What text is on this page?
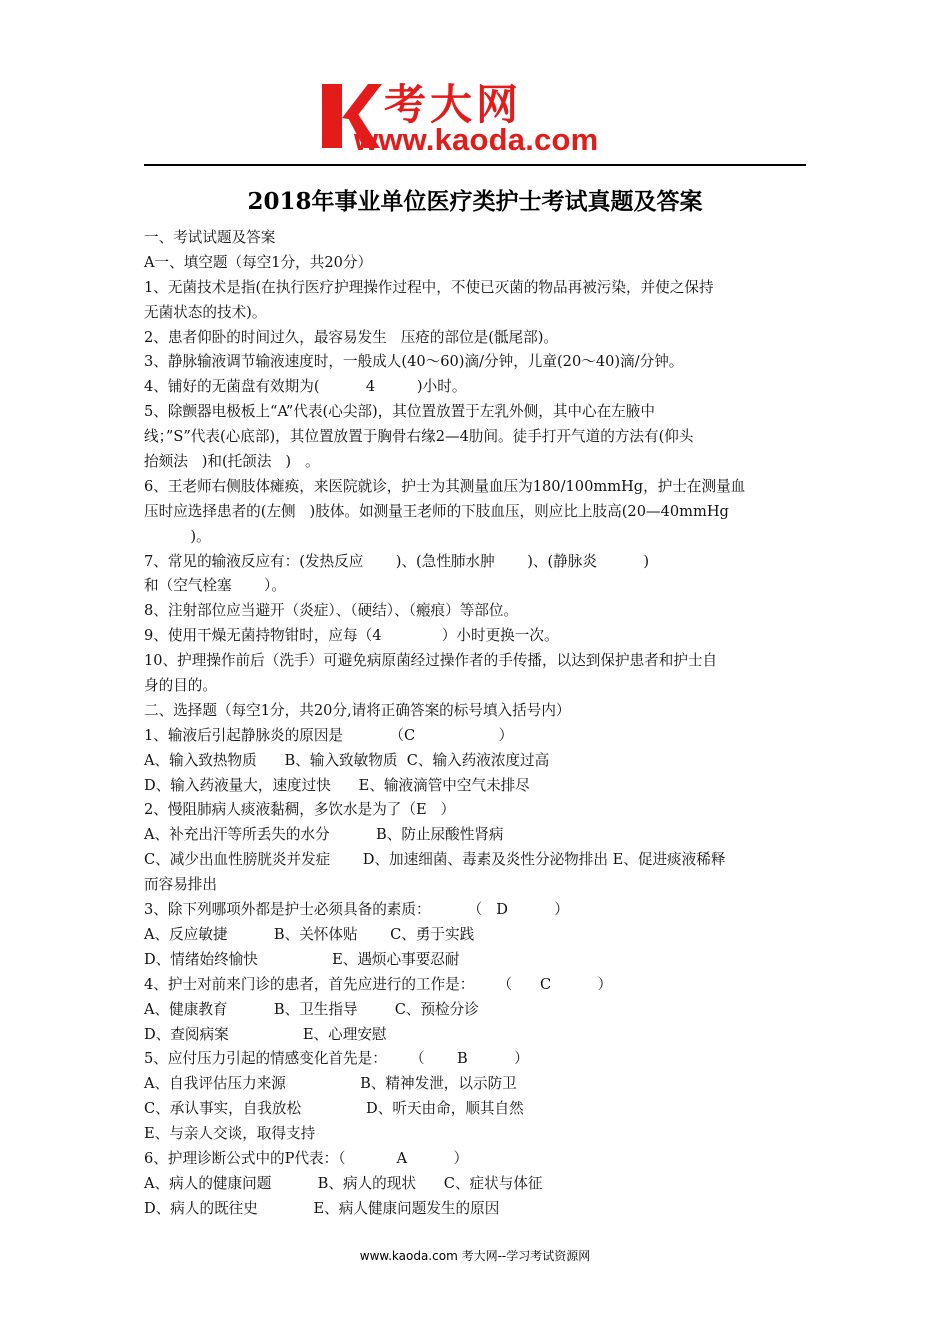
考大网
www.kaoda.com
2018年事业单位医疗类护士考试真题及答案
一、考试试题及答案
A一、填空题（每空1分，共20分）
1、无菌技术是指(在执行医疗护理操作过程中，不使已灭菌的物品再被污染，并使之保持
无菌状态的技术)。
2、患者仰卧的时间过久，最容易发生   压疮的部位是(骶尾部)。
3、静脉输液调节输液速度时，一般成人(40～60)滴/分钟，儿童(20～40)滴/分钟。
4、铺好的无菌盘有效期为(          4         )小时。
5、除颤器电极板上“A”代表(心尖部)，其位置放置于左乳外侧，其中心在左腋中
线；”S”代表(心底部)，其位置放置于胸骨右缘2—4肋间。徒手打开气道的方法有(仰头
抬颏法   )和(托颌法   )   。
6、王老师右侧肢体瘫痪，来医院就诊，护士为其测量血压为180/100mmHg，护士在测量血
压时应选择患者的(左侧   )肢体。如测量王老师的下肢血压，则应比上肢高(20—40mmHg
)。
7、常见的输液反应有：(发热反应       )、(急性肺水肿       )、(静脉炎          )
和（空气栓塞       ）。
8、注射部位应当避开（炎症）、（硬结）、（瘢痕）等部位。
9、使用干燥无菌持物钳时，应每（4             ）小时更换一次。
10、护理操作前后（洗手）可避免病原菌经过操作者的手传播，以达到保护患者和护士自
身的目的。
二、选择题（每空1分，共20分,请将正确答案的标号填入括号内）
1、输液后引起静脉炎的原因是          （C                  ）
A、输入致热物质      B、输入致敏物质  C、输入药液浓度过高
D、输入药液量大，速度过快      E、输液滴管中空气未排尽
2、慢阻肺病人痰液黏稠，多饮水是为了（E   ）
A、补充出汗等所丢失的水分          B、防止尿酸性肾病
C、减少出血性膀胱炎并发症       D、加速细菌、毒素及炎性分泌物排出 E、促进痰液稀释
而容易排出
3、除下列哪项外都是护士必须具备的素质：        （   D          ）
A、反应敏捷          B、关怀体贴       C、勇于实践
D、情绪始终愉快                E、遇烦心事要忍耐
4、护士对前来门诊的患者，首先应进行的工作是：     （      C          ）
A、健康教育          B、卫生指导        C、预检分诊
D、查阅病案                E、心理安慰
5、应付压力引起的情感变化首先是：     （       B          ）
A、自我评估压力来源                B、精神发泄，以示防卫
C、承认事实，自我放松              D、听天由命，顺其自然
E、与亲人交谈，取得支持
6、护理诊断公式中的P代表：（           A          ）
A、病人的健康问题          B、病人的现状      C、症状与体征
D、病人的既往史            E、病人健康问题发生的原因
www.kaoda.com 考大网--学习考试资源网
